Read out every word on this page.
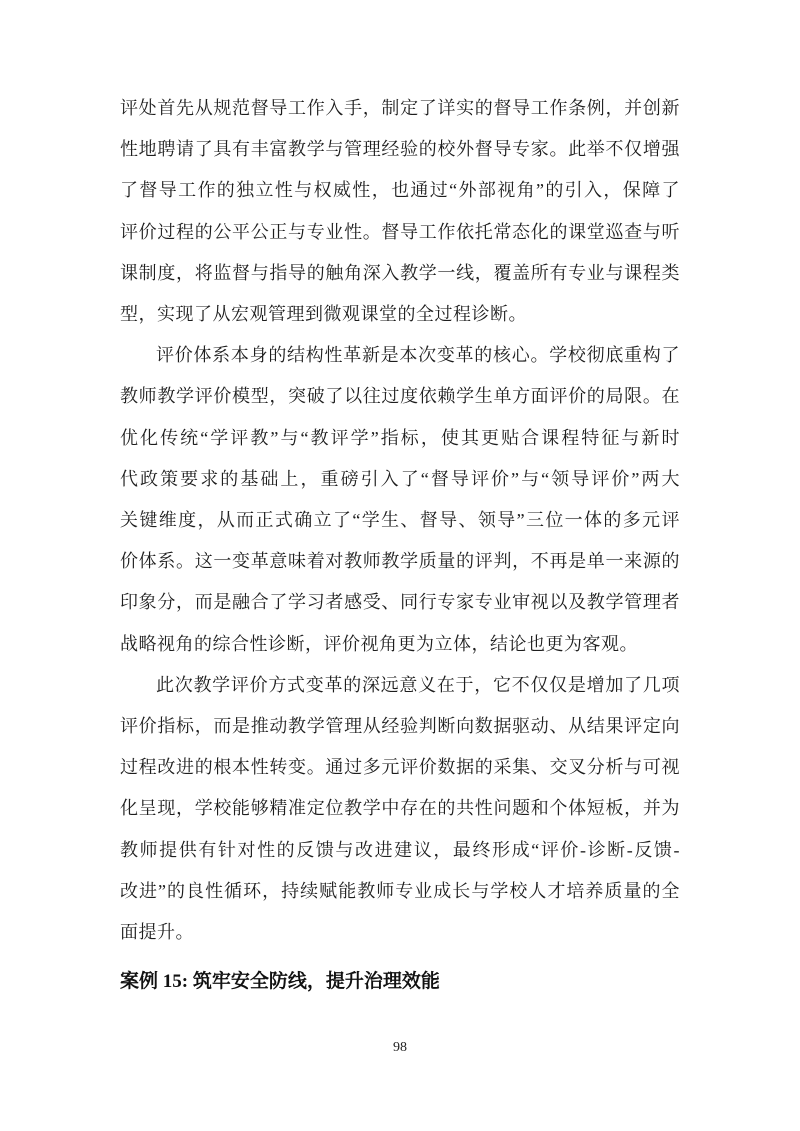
评处首先从规范督导工作入手，制定了详实的督导工作条例，并创新
性地聘请了具有丰富教学与管理经验的校外督导专家。此举不仅增强
了督导工作的独立性与权威性，也通过“外部视角”的引入，保障了
评价过程的公平公正与专业性。督导工作依托常态化的课堂巡查与听
课制度，将监督与指导的触角深入教学一线，覆盖所有专业与课程类
型，实现了从宏观管理到微观课堂的全过程诊断。
评价体系本身的结构性革新是本次变革的核心。学校彻底重构了
教师教学评价模型，突破了以往过度依赖学生单方面评价的局限。在
优化传统“学评教”与“教评学”指标，使其更贴合课程特征与新时
代政策要求的基础上，重磅引入了“督导评价”与“领导评价”两大
关键维度，从而正式确立了“学生、督导、领导”三位一体的多元评
价体系。这一变革意味着对教师教学质量的评判，不再是单一来源的
印象分，而是融合了学习者感受、同行专家专业审视以及教学管理者
战略视角的综合性诊断，评价视角更为立体，结论也更为客观。
此次教学评价方式变革的深远意义在于，它不仅仅是增加了几项
评价指标，而是推动教学管理从经验判断向数据驱动、从结果评定向
过程改进的根本性转变。通过多元评价数据的采集、交叉分析与可视
化呈现，学校能够精准定位教学中存在的共性问题和个体短板，并为
教师提供有针对性的反馈与改进建议，最终形成“评价-诊断-反馈-
改进”的良性循环，持续赋能教师专业成长与学校人才培养质量的全
面提升。
案例 15: 筑牢安全防线，提升治理效能
98
